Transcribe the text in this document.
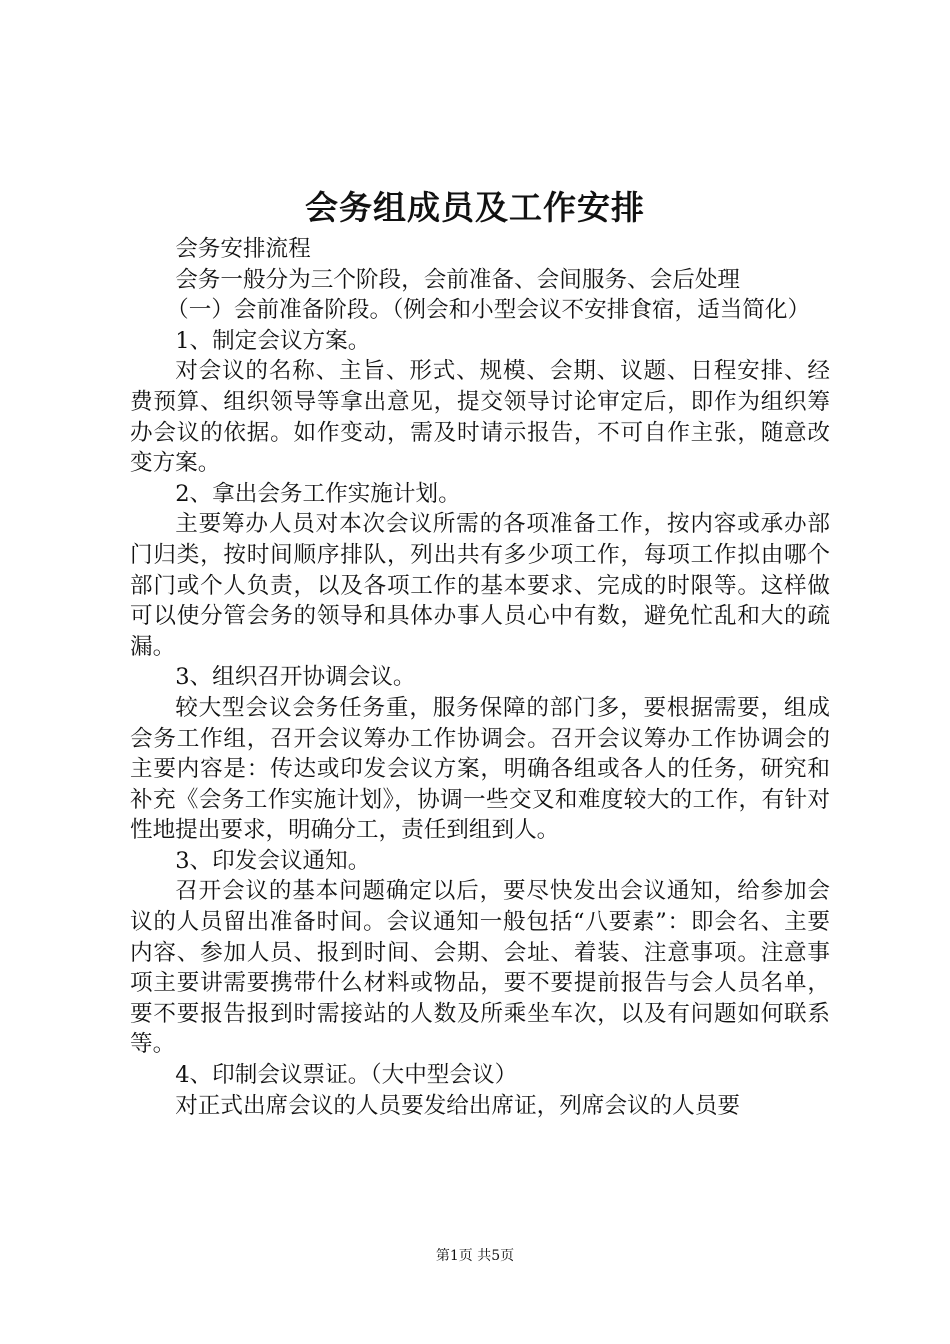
会务组成员及工作安排

会务安排流程

会务一般分为三个阶段，会前准备、会间服务、会后处理

（一）会前准备阶段。（例会和小型会议不安排食宿，适当简化）

1、制定会议方案。

对会议的名称、主旨、形式、规模、会期、议题、日程安排、经费预算、组织领导等拿出意见，提交领导讨论审定后，即作为组织筹办会议的依据。如作变动，需及时请示报告，不可自作主张，随意改变方案。

2、拿出会务工作实施计划。

主要筹办人员对本次会议所需的各项准备工作，按内容或承办部门归类，按时间顺序排队，列出共有多少项工作，每项工作拟由哪个部门或个人负责，以及各项工作的基本要求、完成的时限等。这样做可以使分管会务的领导和具体办事人员心中有数，避免忙乱和大的疏漏。

3、组织召开协调会议。

较大型会议会务任务重，服务保障的部门多，要根据需要，组成会务工作组，召开会议筹办工作协调会。召开会议筹办工作协调会的主要内容是：传达或印发会议方案，明确各组或各人的任务，研究和补充《会务工作实施计划》，协调一些交叉和难度较大的工作，有针对性地提出要求，明确分工，责任到组到人。

3、印发会议通知。

召开会议的基本问题确定以后，要尽快发出会议通知，给参加会议的人员留出准备时间。会议通知一般包括“八要素”：即会名、主要内容、参加人员、报到时间、会期、会址、着装、注意事项。注意事项主要讲需要携带什么材料或物品，要不要提前报告与会人员名单，要不要报告报到时需接站的人数及所乘坐车次，以及有问题如何联系等。

4、印制会议票证。（大中型会议）

对正式出席会议的人员要发给出席证，列席会议的人员要

第1页 共5页
